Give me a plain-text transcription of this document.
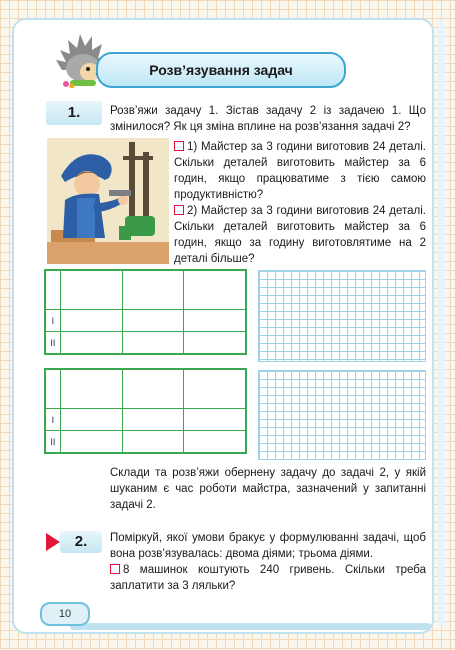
Розв’язування задач
1.	Розв’яжи задачу 1. Зістав задачу 2 із задачею 1. Що змінилося? Як ця зміна вплине на розв’язання задачі 2?
1) Майстер за 3 години виготовив 24 деталі. Скільки деталей виготовить майстер за 6 годин, якщо працюватиме з тією самою продуктивністю?
2) Майстер за 3 години виготовив 24 деталі. Скільки деталей виготовить майстер за 6 годин, якщо за годину виготовлятиме на 2 деталі більше?

I			
II			

I			
II			
Склади та розв’яжи обернену задачу до задачі 2, у якій шуканим є час роботи майстра, зазначений у запитанні задачі 2.
2.	Поміркуй, якої умови бракує у формулюванні задачі, щоб вона розв’язувалась: двома діями; трьома діями.
8 машинок коштують 240 гривень. Скільки треба заплатити за 3 ляльки?
10
